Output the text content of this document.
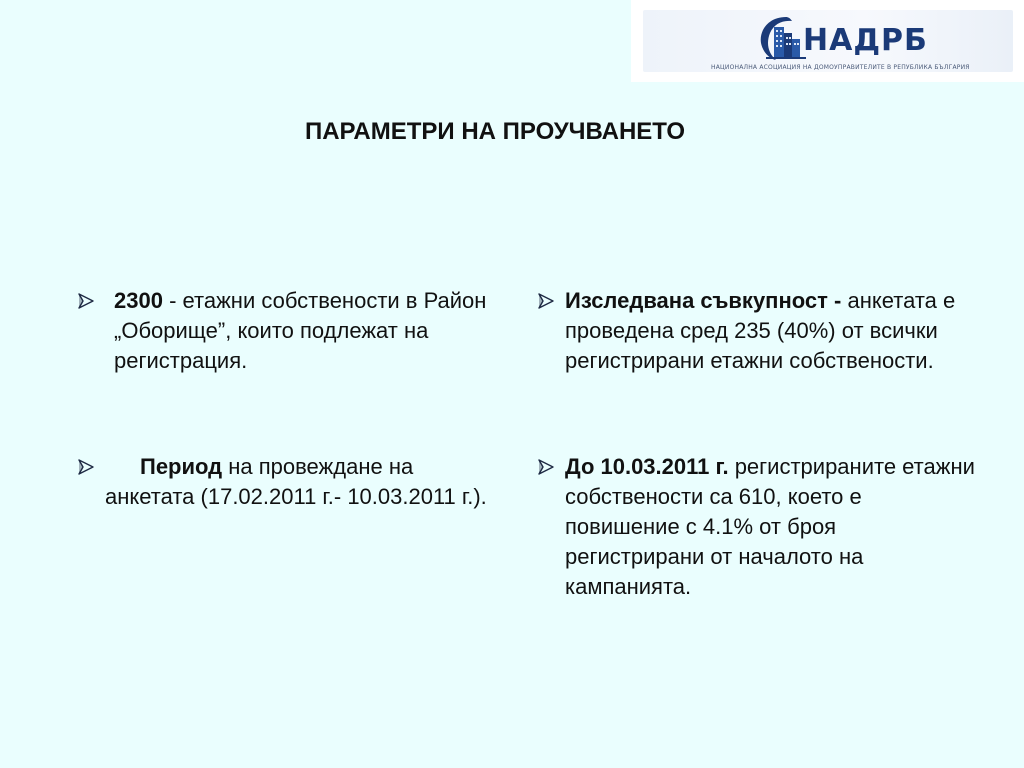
НАДРБ
НАЦИОНАЛНА АСОЦИАЦИЯ НА ДОМОУПРАВИТЕЛИТЕ В РЕПУБЛИКА БЪЛГАРИЯ
ПАРАМЕТРИ НА ПРОУЧВАНЕТО
2300 - етажни собствености в Район „Оборище”, които подлежат на регистрация.
Период на провеждане на анкетата (17.02.2011 г.- 10.03.2011 г.).
Изследвана съвкупност - анкетата е проведена сред 235 (40%) от всички регистрирани етажни собствености.
До 10.03.2011 г. регистрираните етажни собствености са 610, което е повишение с 4.1% от броя регистрирани от началото на кампанията.
